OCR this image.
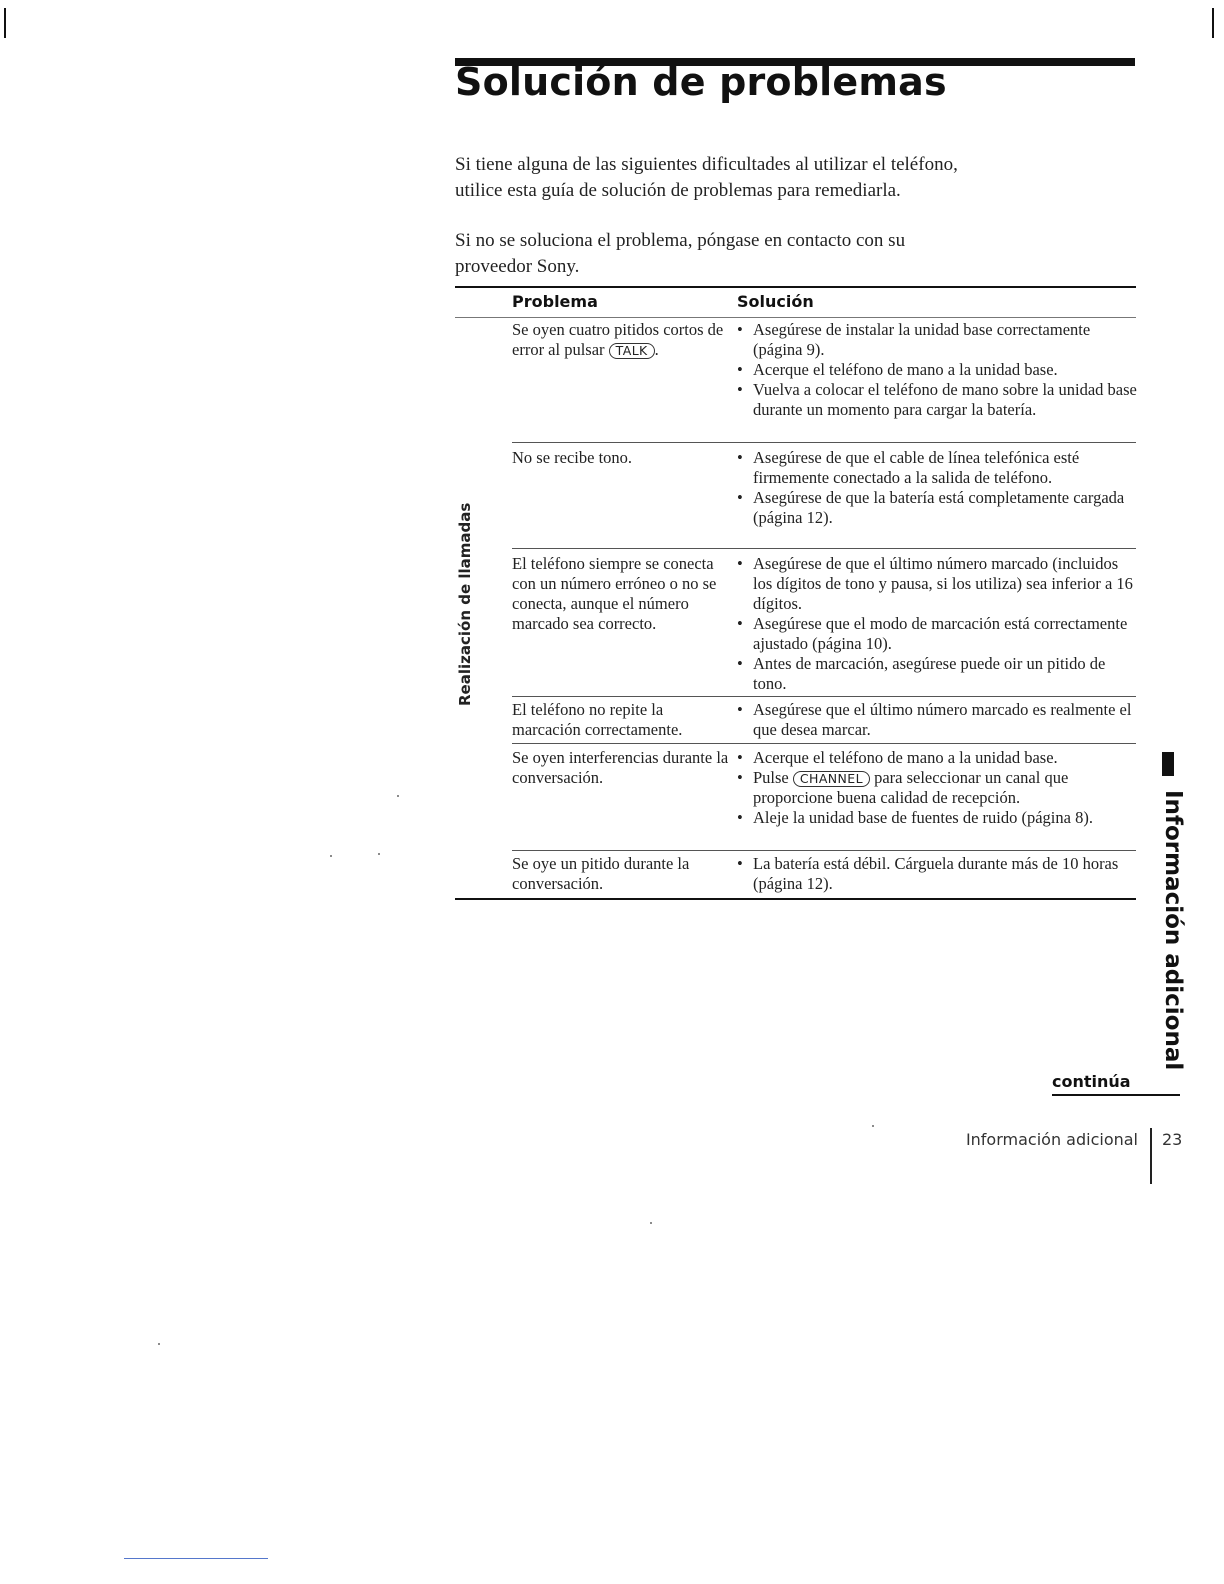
Solución de problemas

Si tiene alguna de las siguientes dificultades al utilizar el teléfono, utilice esta guía de solución de problemas para remediarla.

Si no se soluciona el problema, póngase en contacto con su proveedor Sony.

Problema	Solución
Se oyen cuatro pitidos cortos de error al pulsar TALK .
• Asegúrese de instalar la unidad base correctamente (página 9).
• Acerque el teléfono de mano a la unidad base.
• Vuelva a colocar el teléfono de mano sobre la unidad base durante un momento para cargar la batería.
No se recibe tono.
•	Asegúrese de que el cable de línea telefónica esté firmemente conectado a la salida de teléfono.
• Asegúrese de que la batería está completamente cargada (página 12).
El teléfono siempre se conecta con un número erróneo o no se conecta, aunque el número marcado sea correcto.
• Asegúrese de que el último número marcado (incluidos los dígitos de tono y pausa, si los utiliza) sea inferior a 16 dígitos.
• Asegúrese que el modo de marcación está correctamente ajustado (página 10).
• Antes de marcación, asegúrese puede oir un pitido de tono.
El teléfono no repite la marcación correctamente.
• Asegúrese que el último número marcado es realmente el que desea marcar.
Se oyen interferencias durante la conversación.
• Acerque el teléfono de mano a la unidad base.
• Pulse CHANNEL para seleccionar un canal que proporcione buena calidad de recepción.
• Aleje la unidad base de fuentes de ruido (página 8).
Se oye un pitido durante la conversación.
• La batería está débil. Cárguela durante más de 10 horas (página 12).
Realización de llamadas
Información adicional
continúa
Información adicional 23
